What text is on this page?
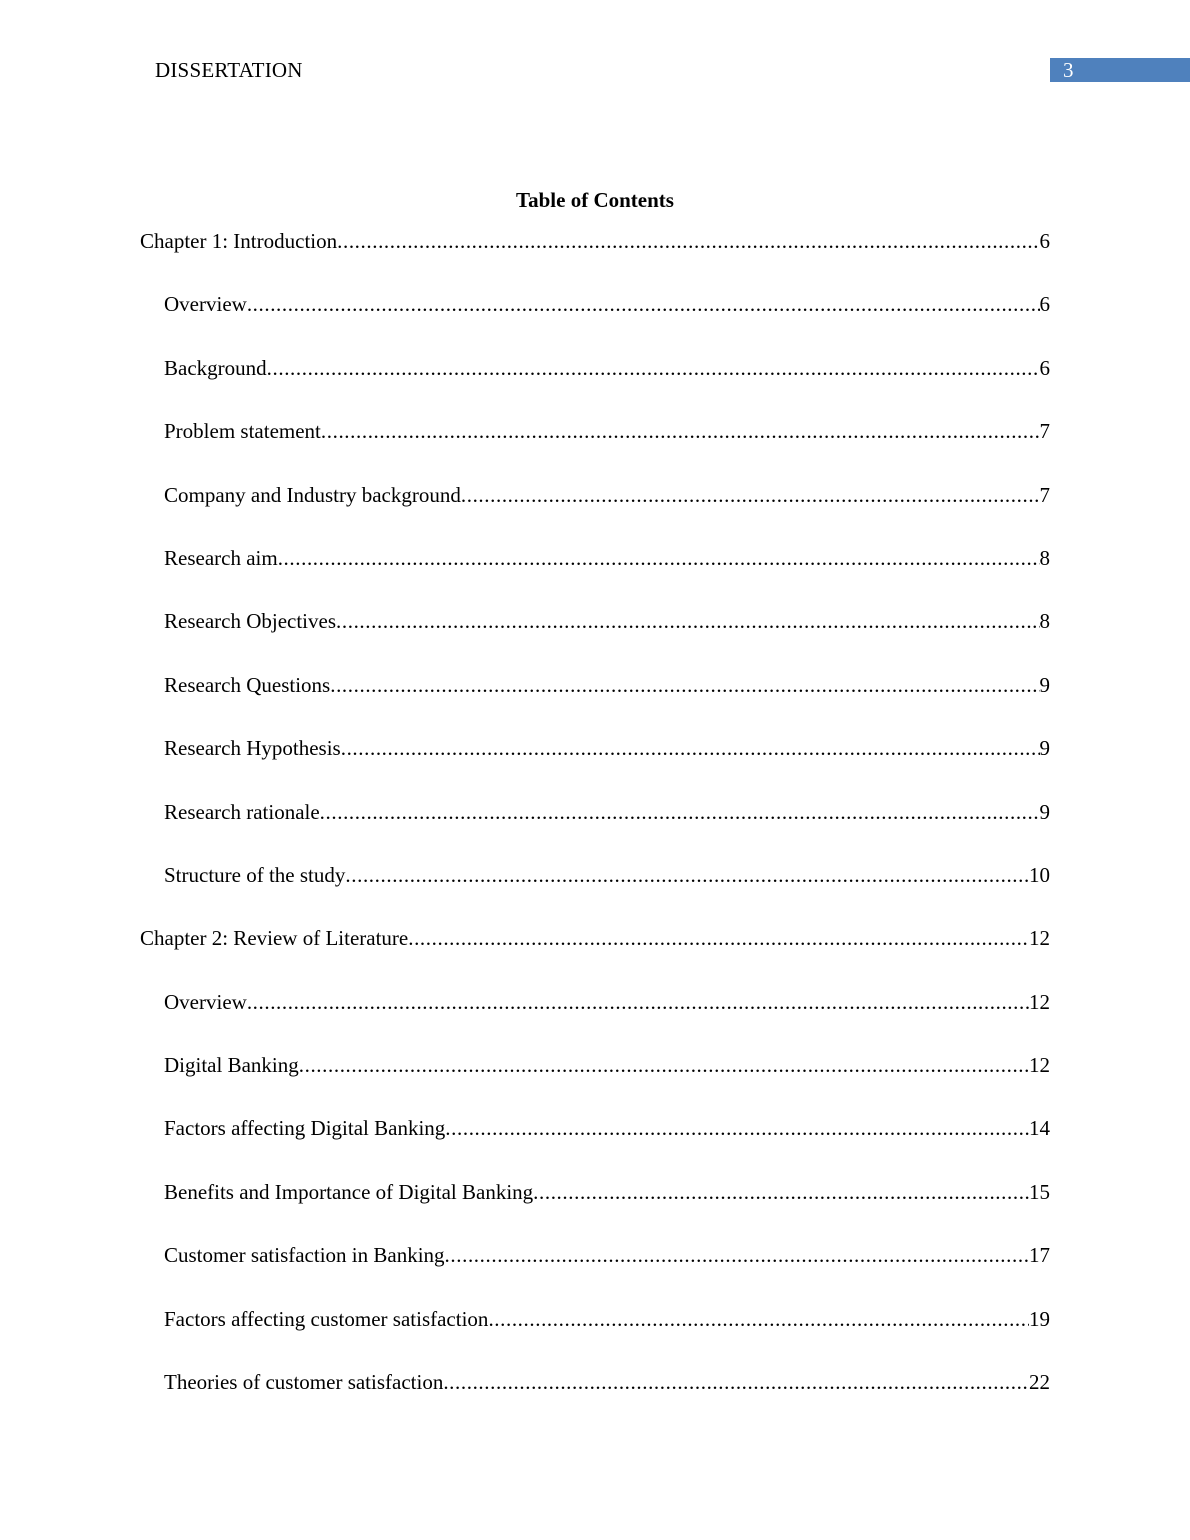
DISSERTATION	3
Table of Contents
Chapter 1: Introduction .....	6
Overview .....	6
Background .....	6
Problem statement .....	7
Company and Industry background .....	7
Research aim .....	8
Research Objectives .....	8
Research Questions .....	9
Research Hypothesis .....	9
Research rationale .....	9
Structure of the study .....	10
Chapter 2: Review of Literature .....	12
Overview .....	12
Digital Banking .....	12
Factors affecting Digital Banking .....	14
Benefits and Importance of Digital Banking .....	15
Customer satisfaction in Banking .....	17
Factors affecting customer satisfaction .....	19
Theories of customer satisfaction .....	22
